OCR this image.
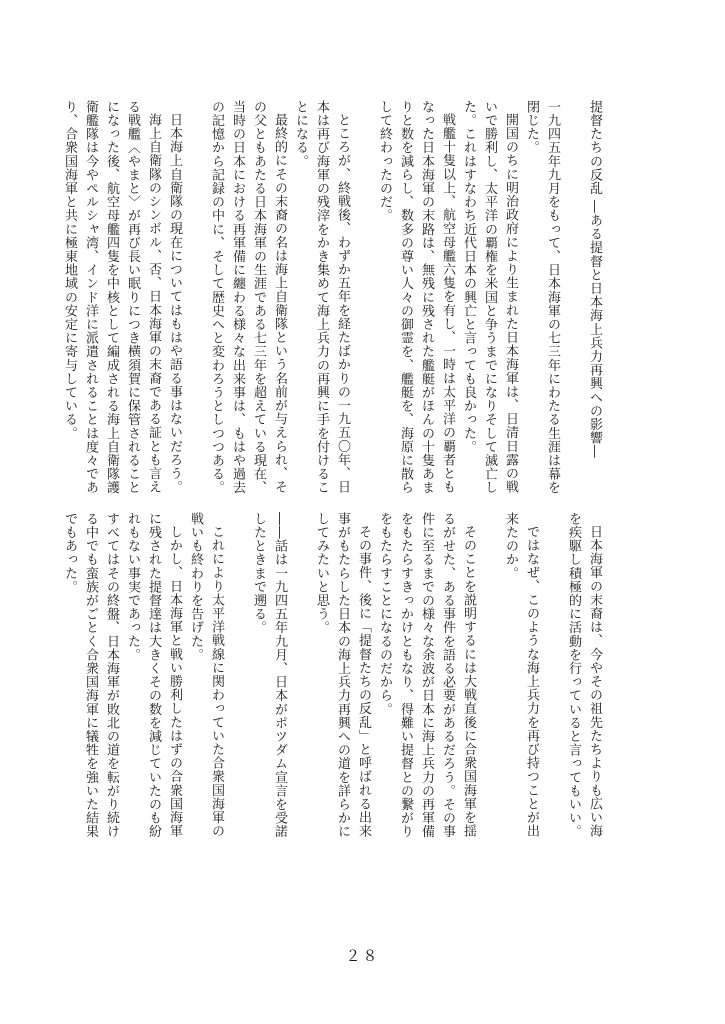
提督たちの反乱 ―ある提督と日本海上兵力再興への影響―

一九四五年九月をもって、日本海軍の七三年にわたる生涯は幕を閉じた。

開国のちに明治政府により生まれた日本海軍は、日清日露の戦いで勝利し、太平洋の覇権を米国と争うまでになりそして滅亡した。これはすなわち近代日本の興亡と言っても良かった。

戦艦十隻以上、航空母艦六隻を有し、一時は太平洋の覇者ともなった日本海軍の末路は、無残に残された艦艇がほんの十隻あまりと数を減らし、数多の尊い人々の御霊を、艦艇を、海原に散らして終わったのだ。

ところが、終戦後、わずか五年を経たばかりの一九五〇年、日本は再び海軍の残滓をかき集めて海上兵力の再興に手を付けることになる。

最終的にその末裔の名は海上自衛隊という名前が与えられ、その父ともあたる日本海軍の生涯である七三年を超えている現在、当時の日本における再軍備に纏わる様々な出来事は、もはや過去の記憶から記録の中に、そして歴史へと変わろうとしつつある。

日本海上自衛隊の現在についてはもはや語る事はないだろう。

海上自衛隊のシンボル、否、日本海軍の末裔である証とも言える戦艦〈やまと〉が再び長い眠りにつき横須賀に保管されることになった後、航空母艦四隻を中核として編成される海上自衛隊護衛艦隊は今やペルシャ湾、インド洋に派遣されることは度々であり、合衆国海軍と共に極東地域の安定に寄与している。

日本海軍の末裔は、今やその祖先たちよりも広い海を疾駆し積極的に活動を行っていると言ってもいい。

ではなぜ、このような海上兵力を再び持つことが出来たのか。

そのことを説明するには大戦直後に合衆国海軍を揺るがせた、ある事件を語る必要があるだろう。その事件に至るまでの様々な余波が日本に海上兵力の再軍備をもたらすきっかけともなり、得難い提督との繋がりをもたらすことになるのだから。

その事件、後に「提督たちの反乱」と呼ばれる出来事がもたらした日本の海上兵力再興への道を詳らかにしてみたいと思う。

――話は一九四五年九月、日本がポツダム宣言を受諾したときまで遡る。

これにより太平洋戦線に関わっていた合衆国海軍の戦いも終わりを告げた。

しかし、日本海軍と戦い勝利したはずの合衆国海軍に残された提督達は大きくその数を減じていたのも紛れもない事実であった。

すべてはその終盤、日本海軍が敗北の道を転がり続ける中でも蛮族がごとく合衆国海軍に犠牲を強いた結果でもあった。

２８
